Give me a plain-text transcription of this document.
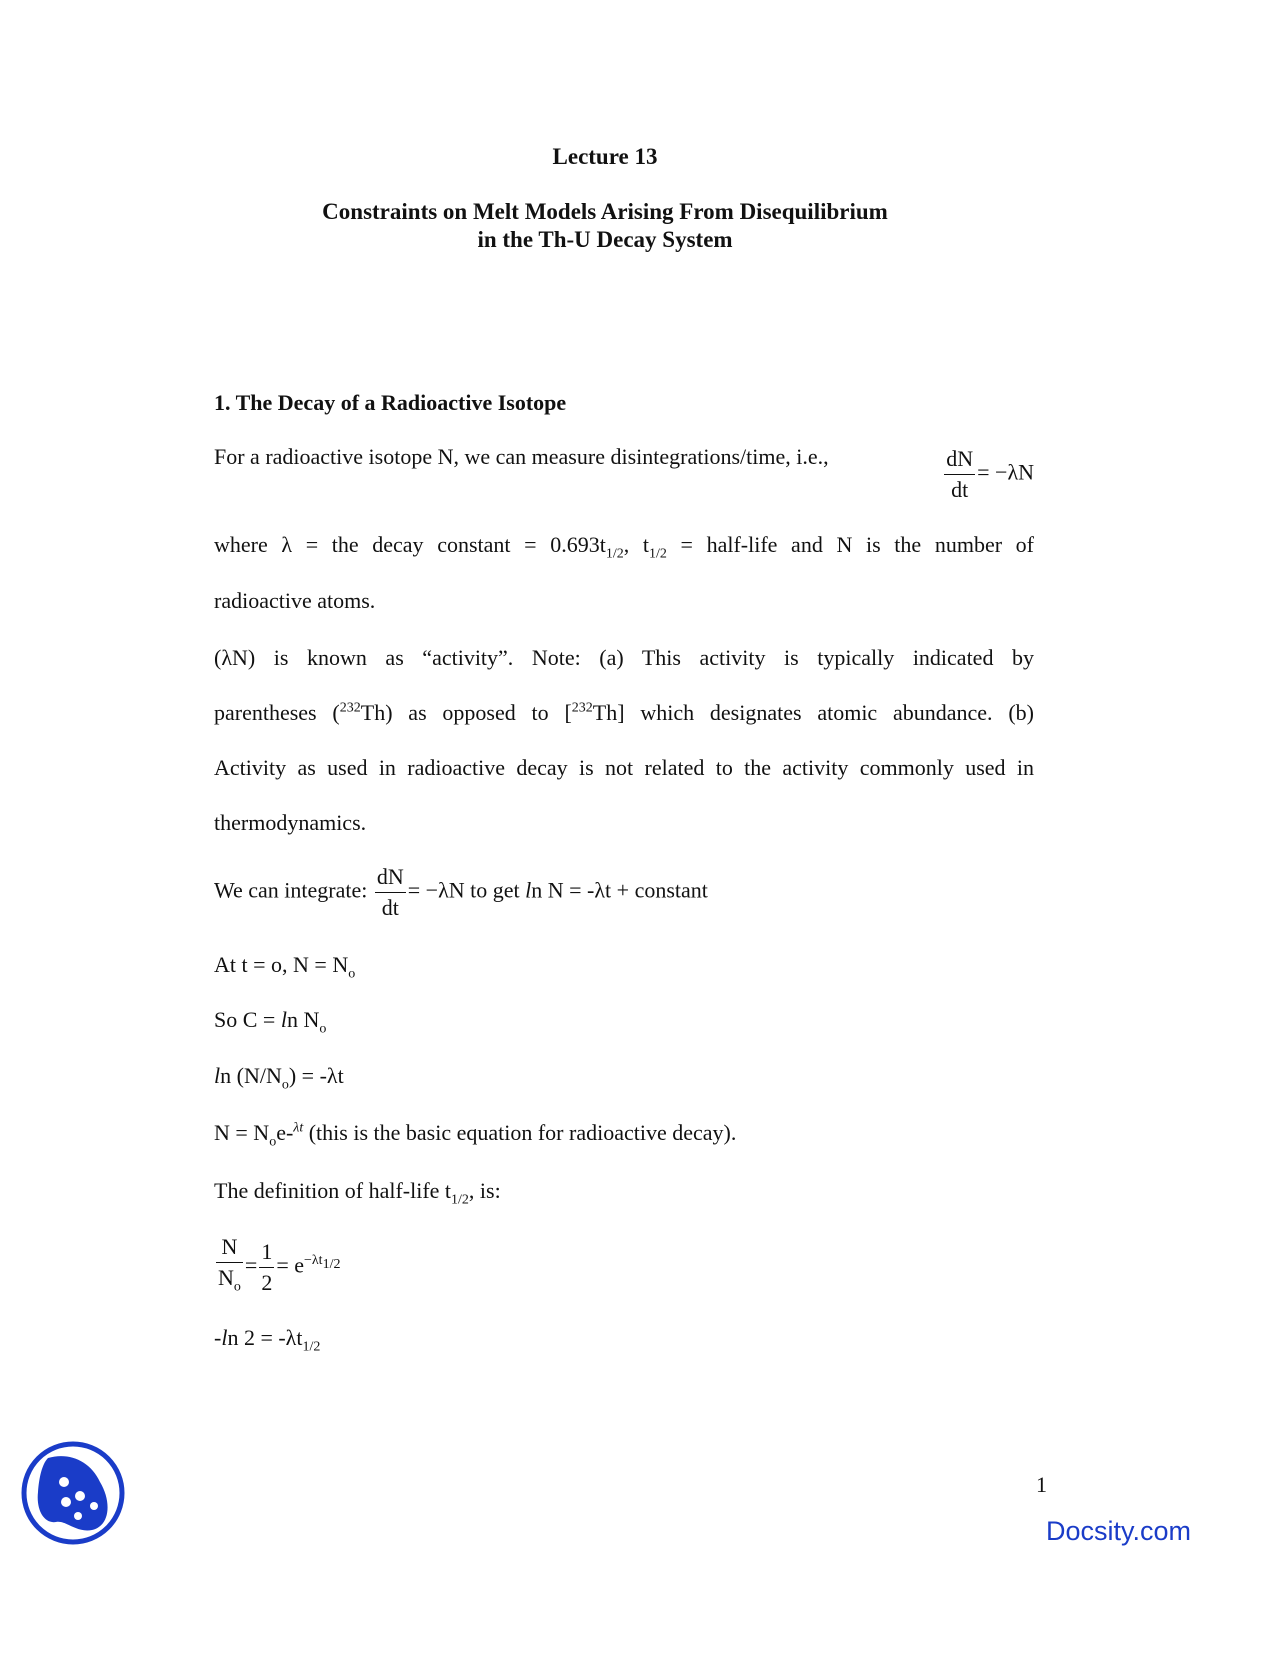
Lecture 13
Constraints on Melt Models Arising From Disequilibrium
in the Th-U Decay System
1. The Decay of a Radioactive Isotope
For a radioactive isotope N, we can measure disintegrations/time, i.e.,	$\frac{dN}{dt} = -\lambda N$
where λ = the decay constant = $0.693t_{1/2}$, $t_{1/2}$ = half-life and N is the number of
radioactive atoms.
(λN) is known as “activity”. Note: (a) This activity is typically indicated by
parentheses ($^{232}$Th) as opposed to [$^{232}$Th] which designates atomic abundance. (b)
Activity as used in radioactive decay is not related to the activity commonly used in
thermodynamics.
We can integrate: $\frac{dN}{dt} = -\lambda N$ to get ln N = -λt + constant
At t = o, $N = N_o$
So $C = \ln N_o$
$\ln (N/N_o) = -\lambda t$
$N = N_oe-^{\lambda t}$ (this is the basic equation for radioactive decay).
The definition of half-life $t_{1/2}$, is:
$\frac{N}{N_o} = \frac{1}{2} = e^{-\lambda t_{1/2}}$
-ln $2 = -\lambda t_{1/2}$
1
Docsity.com
